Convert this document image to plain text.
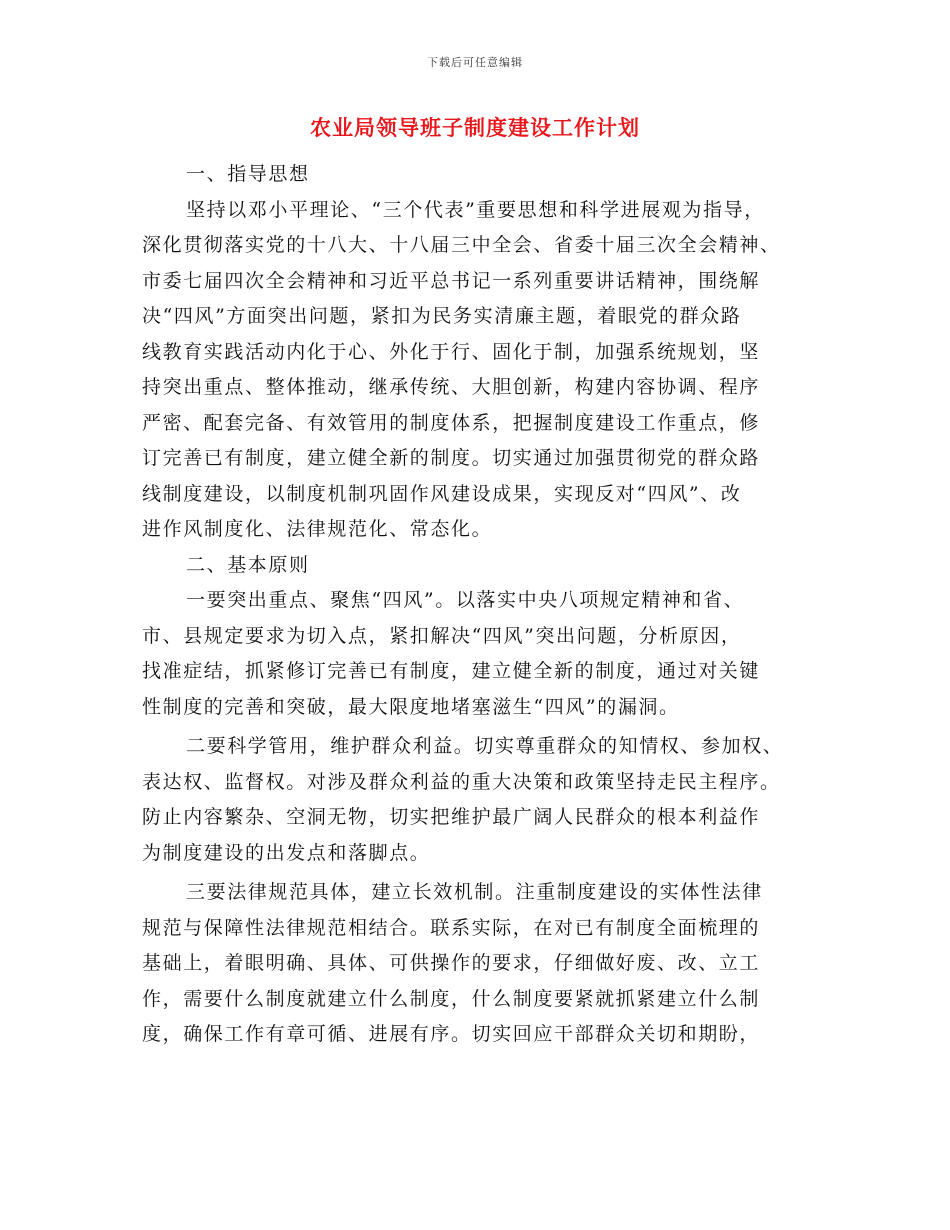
下载后可任意编辑
农业局领导班子制度建设工作计划
一、指导思想
坚持以邓小平理论、“三个代表”重要思想和科学进展观为指导，
深化贯彻落实党的十八大、十八届三中全会、省委十届三次全会精神、
市委七届四次全会精神和习近平总书记一系列重要讲话精神，围绕解
决“四风”方面突出问题，紧扣为民务实清廉主题，着眼党的群众路
线教育实践活动内化于心、外化于行、固化于制，加强系统规划，坚
持突出重点、整体推动，继承传统、大胆创新，构建内容协调、程序
严密、配套完备、有效管用的制度体系，把握制度建设工作重点，修
订完善已有制度，建立健全新的制度。切实通过加强贯彻党的群众路
线制度建设，以制度机制巩固作风建设成果，实现反对“四风”、改
进作风制度化、法律规范化、常态化。
二、基本原则
一要突出重点、聚焦“四风”。以落实中央八项规定精神和省、
市、县规定要求为切入点，紧扣解决“四风”突出问题，分析原因，
找准症结，抓紧修订完善已有制度，建立健全新的制度，通过对关键
性制度的完善和突破，最大限度地堵塞滋生“四风”的漏洞。
二要科学管用，维护群众利益。切实尊重群众的知情权、参加权、
表达权、监督权。对涉及群众利益的重大决策和政策坚持走民主程序。
防止内容繁杂、空洞无物，切实把维护最广阔人民群众的根本利益作
为制度建设的出发点和落脚点。
三要法律规范具体，建立长效机制。注重制度建设的实体性法律
规范与保障性法律规范相结合。联系实际，在对已有制度全面梳理的
基础上，着眼明确、具体、可供操作的要求，仔细做好废、改、立工
作，需要什么制度就建立什么制度，什么制度要紧就抓紧建立什么制
度，确保工作有章可循、进展有序。切实回应干部群众关切和期盼，
